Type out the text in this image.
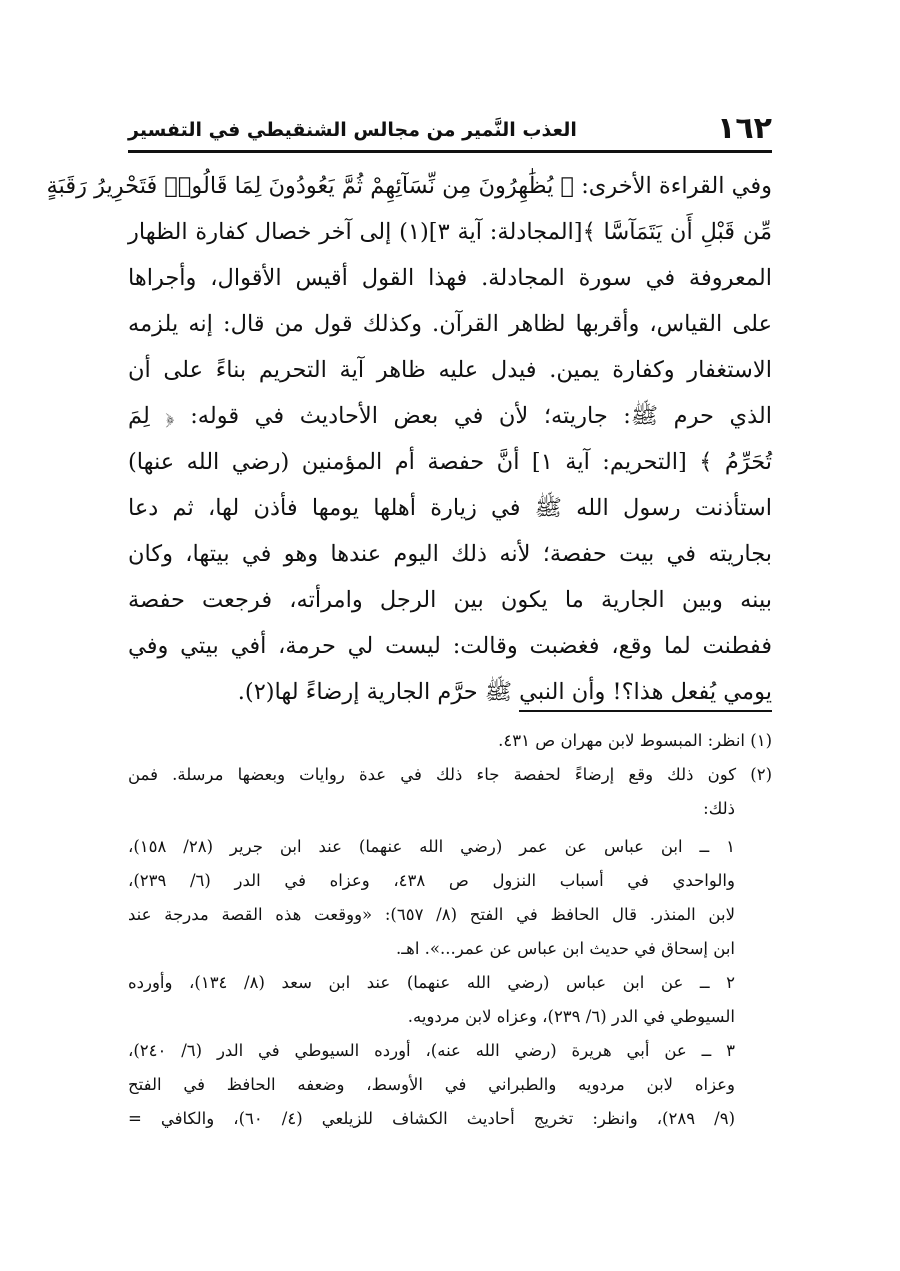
١٦٢
العذب النَّمير من مجالس الشنقيطي في التفسير
وفي القراءة الأخرى: ﴿ يُظَٰهِرُونَ مِن نِّسَآئِهِمْ ثُمَّ يَعُودُونَ لِمَا قَالُوا۟ فَتَحْرِيرُ رَقَبَةٍ
مِّن قَبْلِ أَن يَتَمَآسَّا ﴾[المجادلة: آية ٣](١) إلى آخر خصال كفارة الظهار
المعروفة في سورة المجادلة. فهذا القول أقيس الأقوال، وأجراها
على القياس، وأقربها لظاهر القرآن. وكذلك قول من قال: إنه يلزمه
الاستغفار وكفارة يمين. فيدل عليه ظاهر آية التحريم بناءً على أن
الذي حرم ﷺ: جاريته؛ لأن في بعض الأحاديث في قوله: ﴿ لِمَ
تُحَرِّمُ ﴾ [التحريم: آية ١] أنَّ حفصة أم المؤمنين (رضي الله عنها)
استأذنت رسول الله ﷺ في زيارة أهلها يومها فأذن لها، ثم دعا
بجاريته في بيت حفصة؛ لأنه ذلك اليوم عندها وهو في بيتها، وكان
بينه وبين الجارية ما يكون بين الرجل وامرأته، فرجعت حفصة
ففطنت لما وقع، فغضبت وقالت: ليست لي حرمة، أفي بيتي وفي
يومي يُفعل هذا؟! وأن النبي ﷺ حرَّم الجارية إرضاءً لها(٢).
(١) انظر: المبسوط لابن مهران ص ٤٣١.
(٢) كون ذلك وقع إرضاءً لحفصة جاء ذلك في عدة روايات وبعضها مرسلة. فمن
ذلك:
١ ــ ابن عباس عن عمر (رضي الله عنهما) عند ابن جرير (٢٨/ ١٥٨)،
والواحدي في أسباب النزول ص ٤٣٨، وعزاه في الدر (٦/ ٢٣٩)،
لابن المنذر. قال الحافظ في الفتح (٨/ ٦٥٧): «ووقعت هذه القصة مدرجة عند
ابن إسحاق في حديث ابن عباس عن عمر...». اهـ.
٢ ــ عن ابن عباس (رضي الله عنهما) عند ابن سعد (٨/ ١٣٤)، وأورده
السيوطي في الدر (٦/ ٢٣٩)، وعزاه لابن مردويه.
٣ ــ عن أبي هريرة (رضي الله عنه)، أورده السيوطي في الدر (٦/ ٢٤٠)،
وعزاه لابن مردويه والطبراني في الأوسط، وضعفه الحافظ في الفتح
(٩/ ٢٨٩)، وانظر: تخريج أحاديث الكشاف للزيلعي (٤/ ٦٠)، والكافي =
